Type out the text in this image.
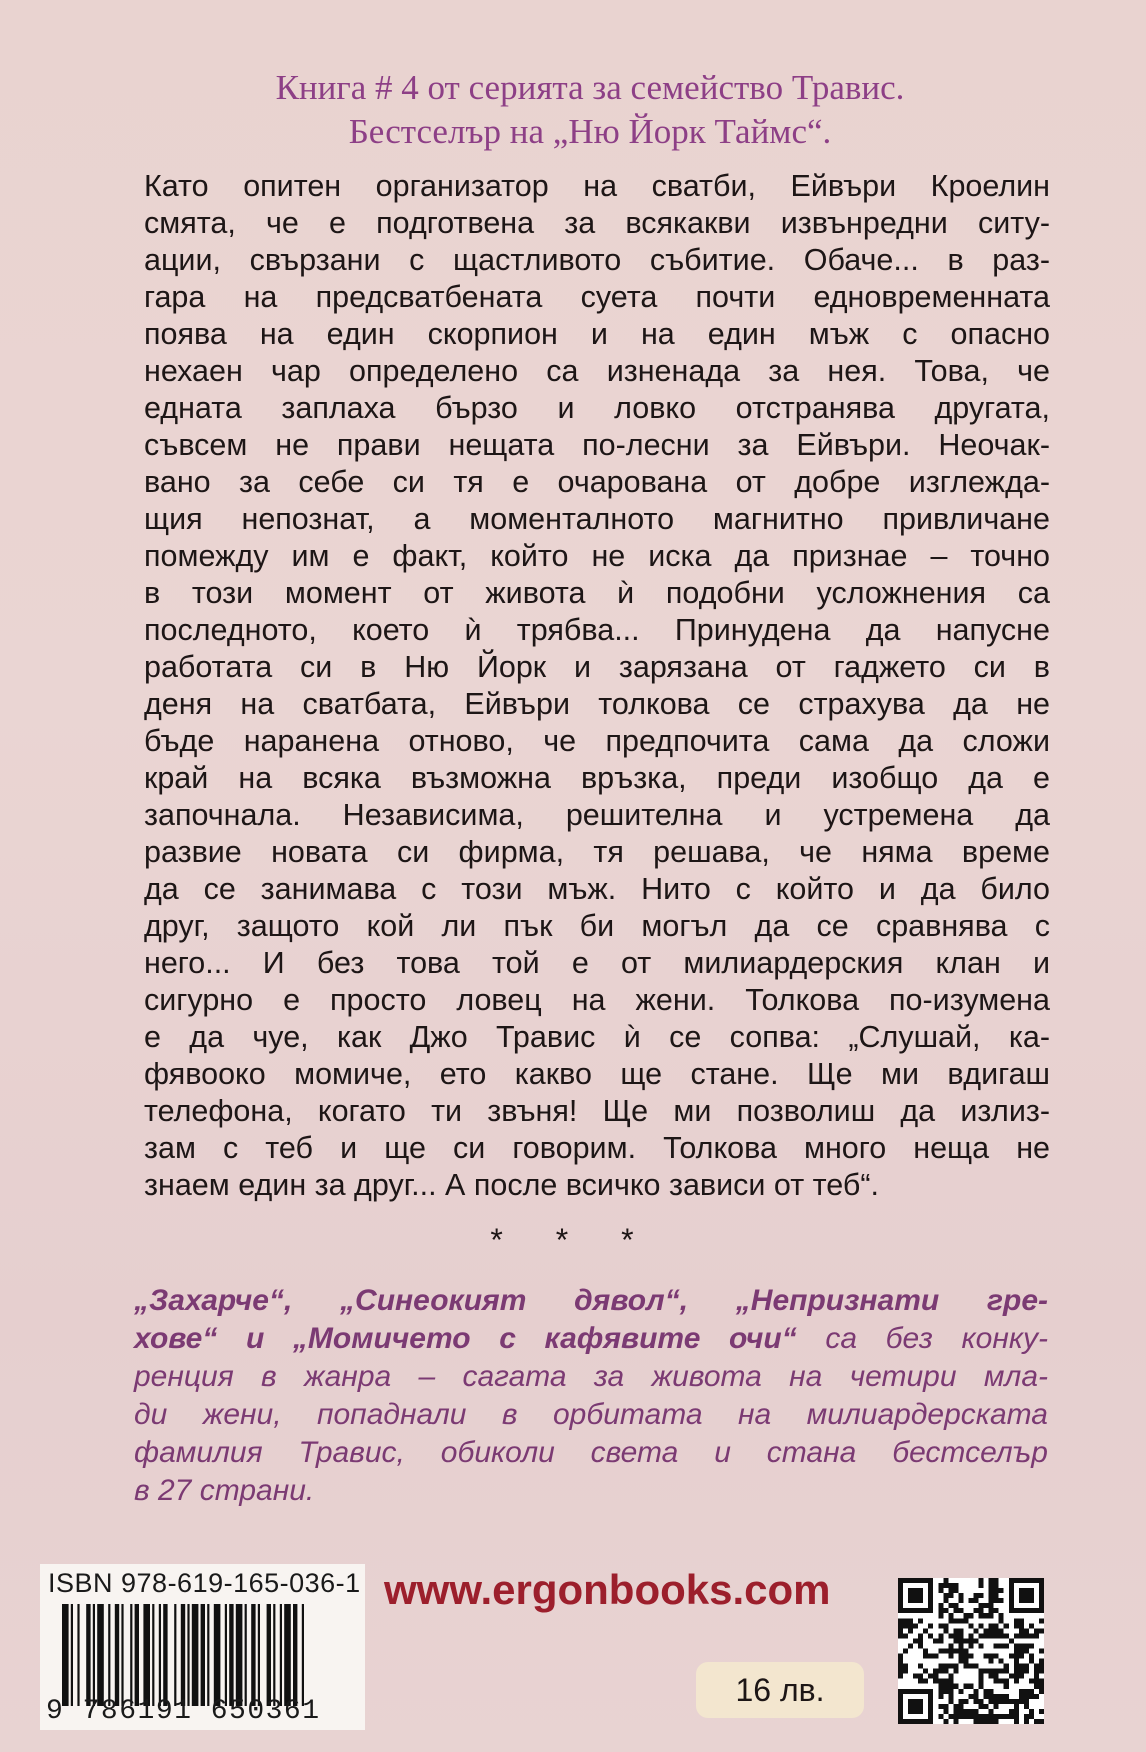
Книга # 4 от серията за семейство Травис.
Бестселър на „Ню Йорк Таймс“.
Като опитен организатор на сватби, Ейвъри Кроелин
смята, че е подготвена за всякакви извънредни ситу-
ации, свързани с щастливото събитие. Обаче... в раз-
гара на предсватбената суета почти едновременната
поява на един скорпион и на един мъж с опасно
нехаен чар определено са изненада за нея. Това, че
едната заплаха бързо и ловко отстранява другата,
съвсем не прави нещата по-лесни за Ейвъри. Неочак-
вано за себе си тя е очарована от добре изглежда-
щия непознат, а моменталното магнитно привличане
помежду им е факт, който не иска да признае – точно
в този момент от живота ѝ подобни усложнения са
последното, което ѝ трябва... Принудена да напусне
работата си в Ню Йорк и зарязана от гаджето си в
деня на сватбата, Ейвъри толкова се страхува да не
бъде наранена отново, че предпочита сама да сложи
край на всяка възможна връзка, преди изобщо да е
започнала. Независима, решителна и устремена да
развие новата си фирма, тя решава, че няма време
да се занимава с този мъж. Нито с който и да било
друг, защото кой ли пък би могъл да се сравнява с
него... И без това той е от милиардерския клан и
сигурно е просто ловец на жени. Толкова по-изумена
е да чуе, как Джо Травис ѝ се сопва: „Слушай, ка-
фявооко момиче, ето какво ще стане. Ще ми вдигаш
телефона, когато ти звъня! Ще ми позволиш да излиз-
зам с теб и ще си говорим. Толкова много неща не
знаем един за друг... А после всичко зависи от теб“.
* * *
„Захарче“, „Синеокият дявол“, „Непризнати гре-
хове“ и „Момичето с кафявите очи“ са без конку-
ренция в жанра – сагата за живота на четири мла-
ди жени, попаднали в орбитата на милиардерската
фамилия Травис, обиколи света и стана бестселър
в 27 страни.
ISBN 978-619-165-036-1
9 786191 650361
www.ergonbooks.com
16 лв.
